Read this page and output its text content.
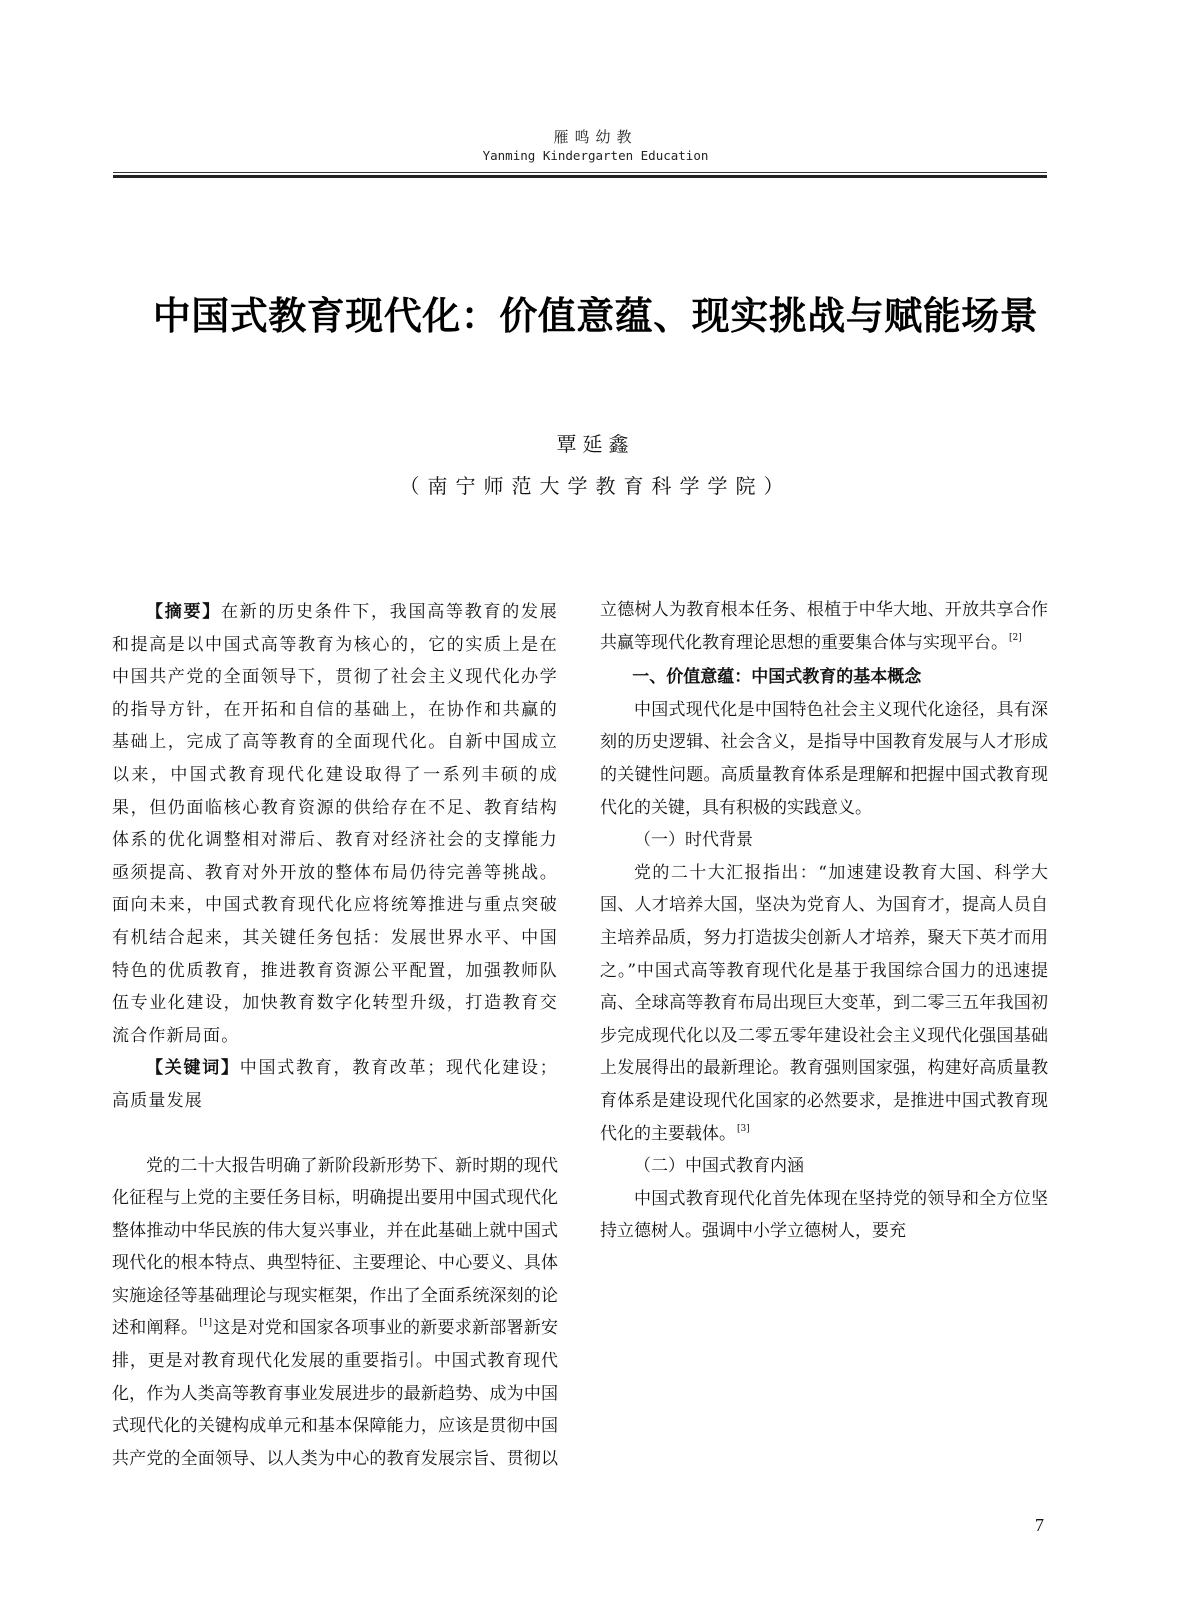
雁鸣幼教
Yanming Kindergarten Education
中国式教育现代化：价值意蕴、现实挑战与赋能场景
覃延鑫
（南宁师范大学教育科学学院）

【摘要】在新的历史条件下，我国高等教育的发展和提高是以中国式高等教育为核心的，它的实质上是在中国共产党的全面领导下，贯彻了社会主义现代化办学的指导方针，在开拓和自信的基础上，在协作和共赢的基础上，完成了高等教育的全面现代化。自新中国成立以来，中国式教育现代化建设取得了一系列丰硕的成果，但仍面临核心教育资源的供给存在不足、教育结构体系的优化调整相对滞后、教育对经济社会的支撑能力亟须提高、教育对外开放的整体布局仍待完善等挑战。面向未来，中国式教育现代化应将统筹推进与重点突破有机结合起来，其关键任务包括：发展世界水平、中国特色的优质教育，推进教育资源公平配置，加强教师队伍专业化建设，加快教育数字化转型升级，打造教育交流合作新局面。

【关键词】中国式教育，教育改革；现代化建设；高质量发展

党的二十大报告明确了新阶段新形势下、新时期的现代化征程与上党的主要任务目标，明确提出要用中国式现代化整体推动中华民族的伟大复兴事业，并在此基础上就中国式现代化的根本特点、典型特征、主要理论、中心要义、具体实施途径等基础理论与现实框架，作出了全面系统深刻的论述和阐释。[1]这是对党和国家各项事业的新要求新部署新安排，更是对教育现代化发展的重要指引。中国式教育现代化，作为人类高等教育事业发展进步的最新趋势、成为中国式现代化的关键构成单元和基本保障能力，应该是贯彻中国共产党的全面领导、以人类为中心的教育发展宗旨、贯彻以

立德树人为教育根本任务、根植于中华大地、开放共享合作共赢等现代化教育理论思想的重要集合体与实现平台。[2]

一、价值意蕴：中国式教育的基本概念

中国式现代化是中国特色社会主义现代化途径，具有深刻的历史逻辑、社会含义，是指导中国教育发展与人才形成的关键性问题。高质量教育体系是理解和把握中国式教育现代化的关键，具有积极的实践意义。

（一）时代背景

党的二十大汇报指出：“加速建设教育大国、科学大国、人才培养大国，坚决为党育人、为国育才，提高人员自主培养品质，努力打造拔尖创新人才培养，聚天下英才而用之。”中国式高等教育现代化是基于我国综合国力的迅速提高、全球高等教育布局出现巨大变革，到二零三五年我国初步完成现代化以及二零五零年建设社会主义现代化强国基础上发展得出的最新理论。教育强则国家强，构建好高质量教育体系是建设现代化国家的必然要求，是推进中国式教育现代化的主要载体。[3]

（二）中国式教育内涵

中国式教育现代化首先体现在坚持党的领导和全方位坚持立德树人。强调中小学立德树人，要充

7
